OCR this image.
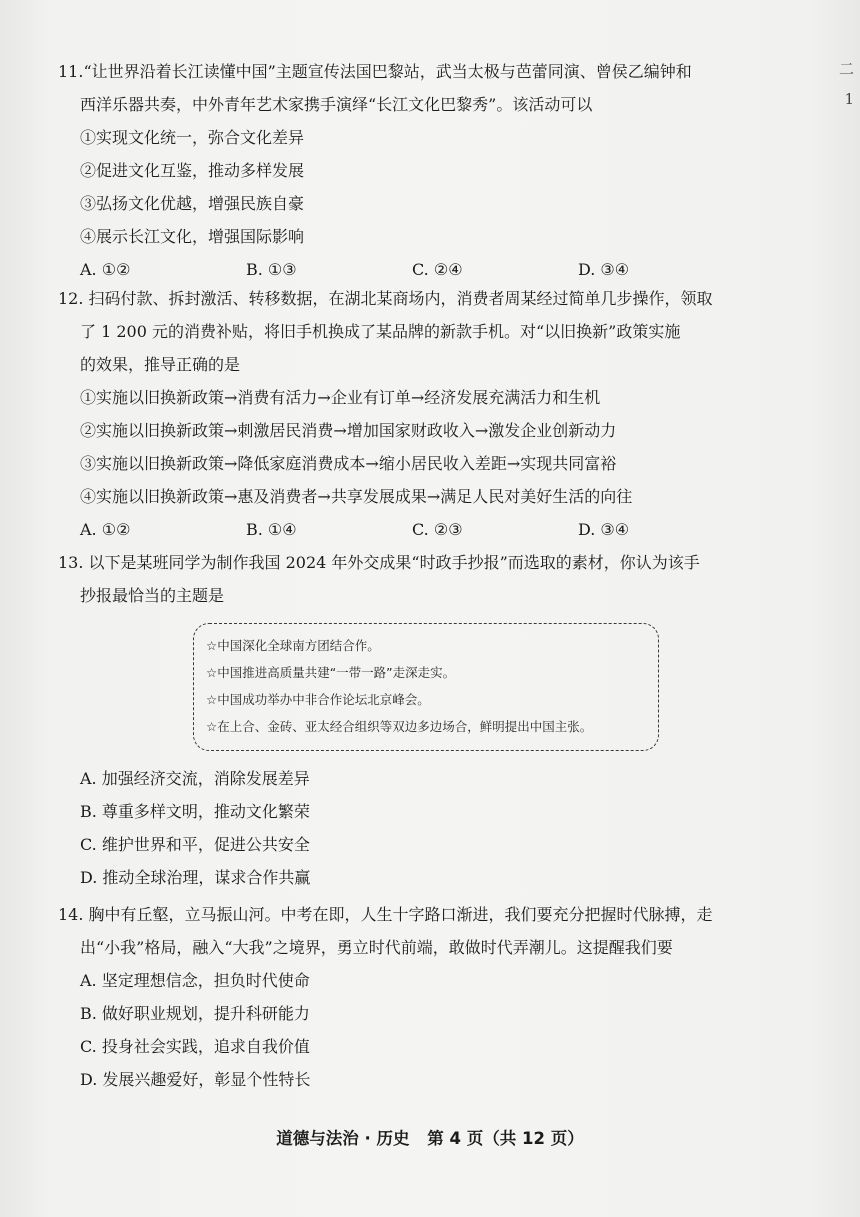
二
1
11.“让世界沿着长江读懂中国”主题宣传法国巴黎站，武当太极与芭蕾同演、曾侯乙编钟和
西洋乐器共奏，中外青年艺术家携手演绎“长江文化巴黎秀”。该活动可以
①实现文化统一，弥合文化差异
②促进文化互鉴，推动多样发展
③弘扬文化优越，增强民族自豪
④展示长江文化，增强国际影响
A. ①②	B. ①③	C. ②④	D. ③④
12. 扫码付款、拆封激活、转移数据，在湖北某商场内，消费者周某经过简单几步操作，领取
了 1 200 元的消费补贴，将旧手机换成了某品牌的新款手机。对“以旧换新”政策实施
的效果，推导正确的是
①实施以旧换新政策→消费有活力→企业有订单→经济发展充满活力和生机
②实施以旧换新政策→刺激居民消费→增加国家财政收入→激发企业创新动力
③实施以旧换新政策→降低家庭消费成本→缩小居民收入差距→实现共同富裕
④实施以旧换新政策→惠及消费者→共享发展成果→满足人民对美好生活的向往
A. ①②	B. ①④	C. ②③	D. ③④
13. 以下是某班同学为制作我国 2024 年外交成果“时政手抄报”而选取的素材，你认为该手
抄报最恰当的主题是
☆中国深化全球南方团结合作。
☆中国推进高质量共建“一带一路”走深走实。
☆中国成功举办中非合作论坛北京峰会。
☆在上合、金砖、亚太经合组织等双边多边场合，鲜明提出中国主张。
A. 加强经济交流，消除发展差异
B. 尊重多样文明，推动文化繁荣
C. 维护世界和平，促进公共安全
D. 推动全球治理，谋求合作共赢
14. 胸中有丘壑，立马振山河。中考在即，人生十字路口渐进，我们要充分把握时代脉搏，走
出“小我”格局，融入“大我”之境界，勇立时代前端，敢做时代弄潮儿。这提醒我们要
A. 坚定理想信念，担负时代使命
B. 做好职业规划，提升科研能力
C. 投身社会实践，追求自我价值
D. 发展兴趣爱好，彰显个性特长
道德与法治 · 历史 第 4 页（共 12 页）
